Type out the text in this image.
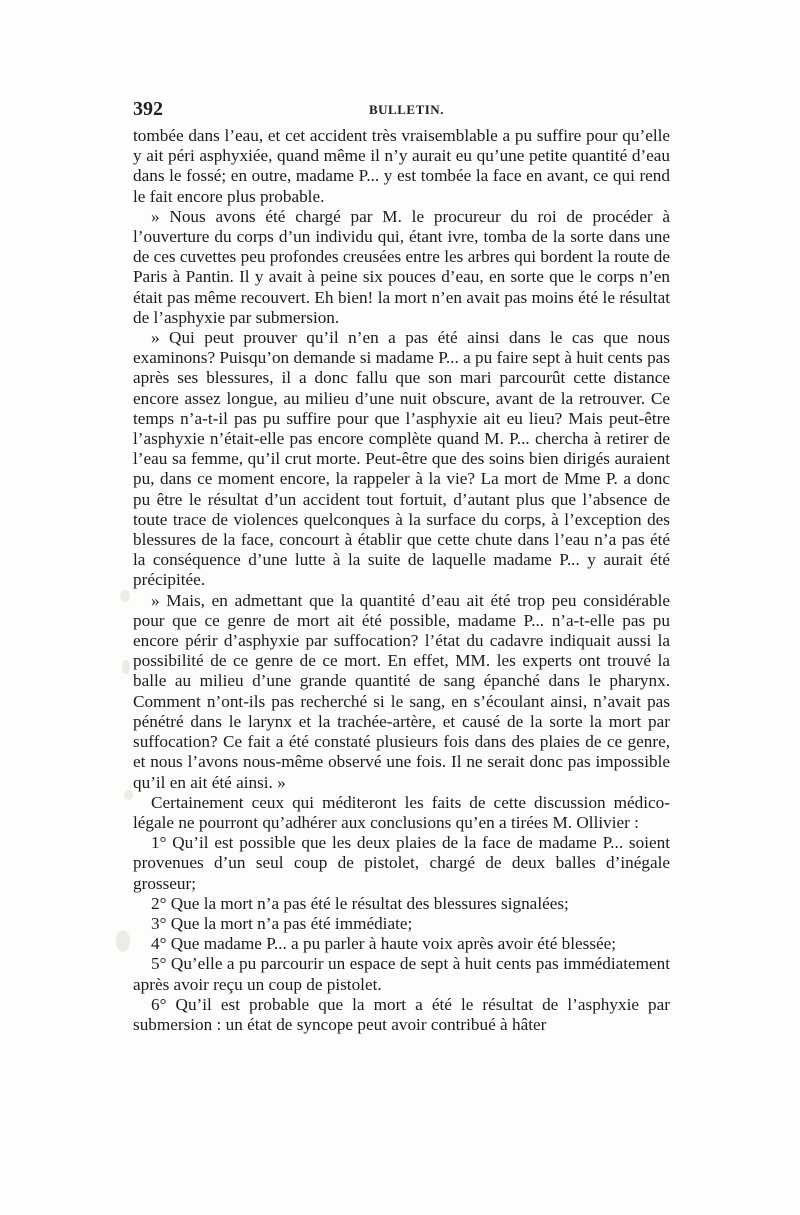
392	BULLETIN.

tombée dans l’eau, et cet accident très vraisemblable a pu suffire pour qu’elle y ait péri asphyxiée, quand même il n’y aurait eu qu’une petite quantité d’eau dans le fossé; en outre, madame P... y est tombée la face en avant, ce qui rend le fait encore plus probable.

» Nous avons été chargé par M. le procureur du roi de procéder à l’ouverture du corps d’un individu qui, étant ivre, tomba de la sorte dans une de ces cuvettes peu profondes creusées entre les arbres qui bordent la route de Paris à Pantin. Il y avait à peine six pouces d’eau, en sorte que le corps n’en était pas même recouvert. Eh bien! la mort n’en avait pas moins été le résultat de l’asphyxie par submersion.

» Qui peut prouver qu’il n’en a pas été ainsi dans le cas que nous examinons? Puisqu’on demande si madame P... a pu faire sept à huit cents pas après ses blessures, il a donc fallu que son mari parcourût cette distance encore assez longue, au milieu d’une nuit obscure, avant de la retrouver. Ce temps n’a-t-il pas pu suffire pour que l’asphyxie ait eu lieu? Mais peut-être l’asphyxie n’était-elle pas encore complète quand M. P... chercha à retirer de l’eau sa femme, qu’il crut morte. Peut-être que des soins bien dirigés auraient pu, dans ce moment encore, la rappeler à la vie? La mort de Mme P. a donc pu être le résultat d’un accident tout fortuit, d’autant plus que l’absence de toute trace de violences quelconques à la surface du corps, à l’exception des blessures de la face, concourt à établir que cette chute dans l’eau n’a pas été la conséquence d’une lutte à la suite de laquelle madame P... y aurait été précipitée.

» Mais, en admettant que la quantité d’eau ait été trop peu considérable pour que ce genre de mort ait été possible, madame P... n’a-t-elle pas pu encore périr d’asphyxie par suffocation? l’état du cadavre indiquait aussi la possibilité de ce genre de ce mort. En effet, MM. les experts ont trouvé la balle au milieu d’une grande quantité de sang épanché dans le pharynx. Comment n’ont-ils pas recherché si le sang, en s’écoulant ainsi, n’avait pas pénétré dans le larynx et la trachée-artère, et causé de la sorte la mort par suffocation? Ce fait a été constaté plusieurs fois dans des plaies de ce genre, et nous l’avons nous-même observé une fois. Il ne serait donc pas impossible qu’il en ait été ainsi. »

Certainement ceux qui méditeront les faits de cette discussion médico-légale ne pourront qu’adhérer aux conclusions qu’en a tirées M. Ollivier :

1° Qu’il est possible que les deux plaies de la face de madame P... soient provenues d’un seul coup de pistolet, chargé de deux balles d’inégale grosseur;

2° Que la mort n’a pas été le résultat des blessures signalées;

3° Que la mort n’a pas été immédiate;

4° Que madame P... a pu parler à haute voix après avoir été blessée;

5° Qu’elle a pu parcourir un espace de sept à huit cents pas immédiatement après avoir reçu un coup de pistolet.

6° Qu’il est probable que la mort a été le résultat de l’asphyxie par submersion : un état de syncope peut avoir contribué à hâter
